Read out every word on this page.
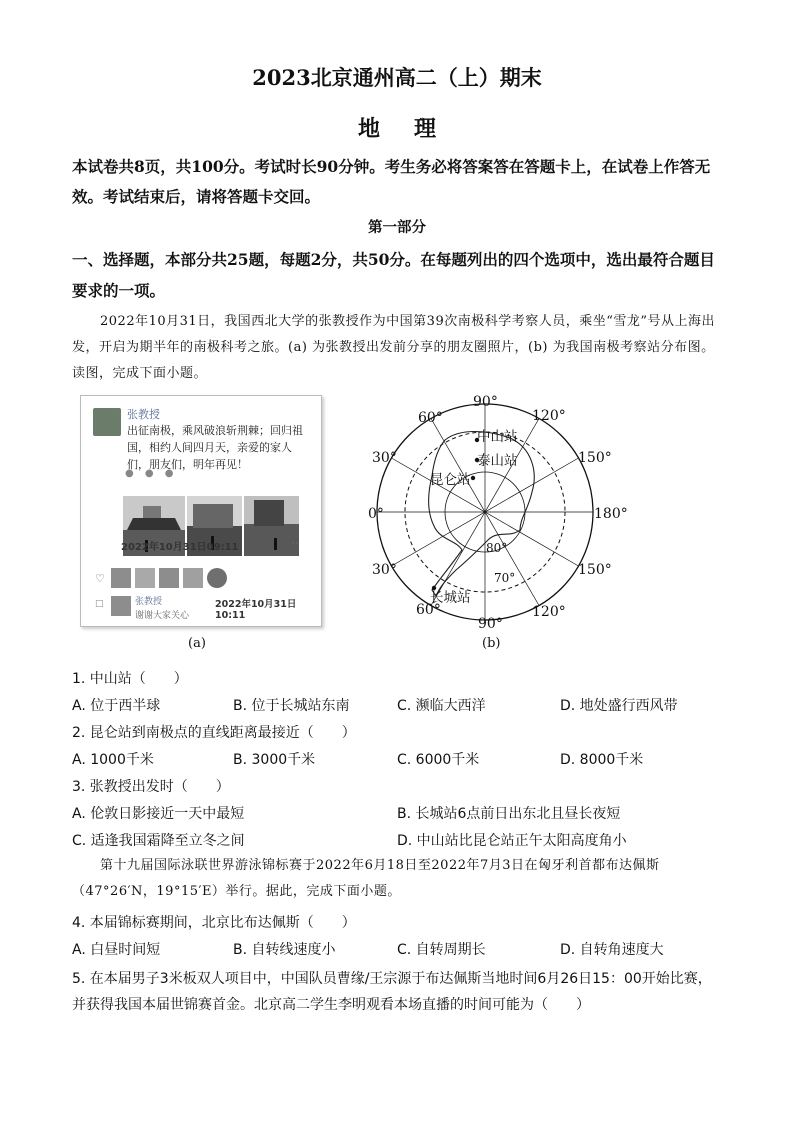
2023北京通州高二（上）期末
地理
本试卷共8页，共100分。考试时长90分钟。考生务必将答案答在答题卡上，在试卷上作答无效。考试结束后，请将答题卡交回。
第一部分
一、选择题，本部分共25题，每题2分，共50分。在每题列出的四个选项中，选出最符合题目要求的一项。
2022年10月31日，我国西北大学的张教授作为中国第39次南极科学考察人员，乘坐“雪龙”号从上海出发，开启为期半年的南极科考之旅。(a) 为张教授出发前分享的朋友圈照片，(b) 为我国南极考察站分布图。读图，完成下面小题。
张教授
出征南极，乘风破浪斩荆棘；回归祖国，相约人间四月天，亲爱的家人们，朋友们，明年再见！
● ● ●
2022年10月31日09:11	··
♡
□	张教授	2022年10月31日10:11
谢谢大家关心
(a)
90°
120°
150°
180°
150°
120°
90°
60°
30°
0°
30°
60°
80°
70°
中山站
泰山站
昆仑站
长城站
(b)
1. 中山站（　　）
A. 位于西半球	B. 位于长城站东南	C. 濒临大西洋	D. 地处盛行西风带
2. 昆仑站到南极点的直线距离最接近（　　）
A. 1000千米	B. 3000千米	C. 6000千米	D. 8000千米
3. 张教授出发时（　　）
A. 伦敦日影接近一天中最短	B. 长城站6点前日出东北且昼长夜短
C. 适逢我国霜降至立冬之间	D. 中山站比昆仑站正午太阳高度角小
第十九届国际泳联世界游泳锦标赛于2022年6月18日至2022年7月3日在匈牙利首都布达佩斯（47°26′N，19°15′E）举行。据此，完成下面小题。
4. 本届锦标赛期间，北京比布达佩斯（　　）
A. 白昼时间短	B. 自转线速度小	C. 自转周期长	D. 自转角速度大
5. 在本届男子3米板双人项目中，中国队员曹缘/王宗源于布达佩斯当地时间6月26日15：00开始比赛，并获得我国本届世锦赛首金。北京高二学生李明观看本场直播的时间可能为（　　）
